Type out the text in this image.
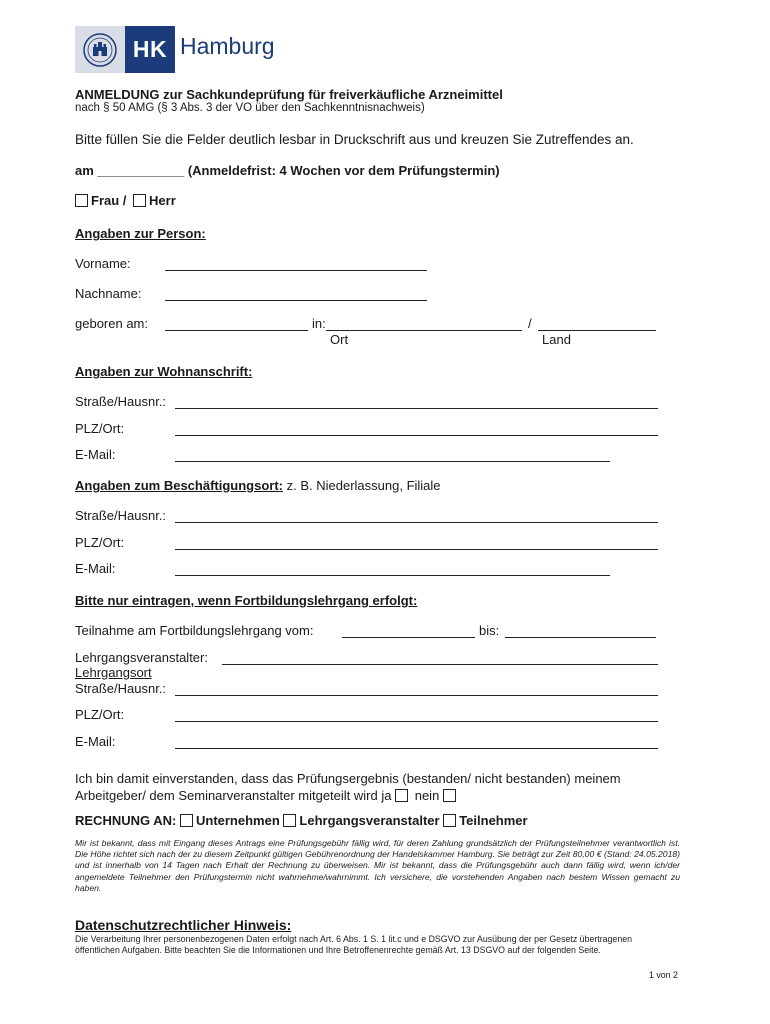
HK Hamburg
ANMELDUNG zur Sachkundeprüfung für freiverkäufliche Arzneimittel
nach § 50 AMG (§ 3 Abs. 3 der VO über den Sachkenntnisnachweis)
Bitte füllen Sie die Felder deutlich lesbar in Druckschrift aus und kreuzen Sie Zutreffendes an.
am ____________ (Anmeldefrist: 4 Wochen vor dem Prüfungstermin)
Frau / Herr
Angaben zur Person:
Vorname:
Nachname:
geboren am:	in:	/
Ort	Land
Angaben zur Wohnanschrift:
Straße/Hausnr.:
PLZ/Ort:
E-Mail:
Angaben zum Beschäftigungsort: z. B. Niederlassung, Filiale
Straße/Hausnr.:
PLZ/Ort:
E-Mail:
Bitte nur eintragen, wenn Fortbildungslehrgang erfolgt:
Teilnahme am Fortbildungslehrgang vom:	bis:
Lehrgangsveranstalter:
Lehrgangsort
Straße/Hausnr.:
PLZ/Ort:
E-Mail:
Ich bin damit einverstanden, dass das Prüfungsergebnis (bestanden/ nicht bestanden) meinem
Arbeitgeber/ dem Seminarveranstalter mitgeteilt wird ja nein
RECHNUNG AN: Unternehmen Lehrgangsveranstalter Teilnehmer
Mir ist bekannt, dass mit Eingang dieses Antrags eine Prüfungsgebühr fällig wird, für deren Zahlung grundsätzlich der Prüfungsteilnehmer verantwortlich ist. Die Höhe richtet sich nach der zu diesem Zeitpunkt gültigen Gebührenordnung der Handelskammer Hamburg. Sie beträgt zur Zeit 80,00 € (Stand: 24.05.2018) und ist innerhalb von 14 Tagen nach Erhalt der Rechnung zu überweisen. Mir ist bekannt, dass die Prüfungsgebühr auch dann fällig wird, wenn ich/der angemeldete Teilnehmer den Prüfungstermin nicht wahrnehme/wahrnimmt. Ich versichere, die vorstehenden Angaben nach bestem Wissen gemacht zu haben.
Datenschutzrechtlicher Hinweis:
Die Verarbeitung Ihrer personenbezogenen Daten erfolgt nach Art. 6 Abs. 1 S. 1 lit.c und e DSGVO zur Ausübung der per Gesetz übertragenen öffentlichen Aufgaben. Bitte beachten Sie die Informationen und Ihre Betroffenenrechte gemäß Art. 13 DSGVO auf der folgenden Seite.
1 von 2
